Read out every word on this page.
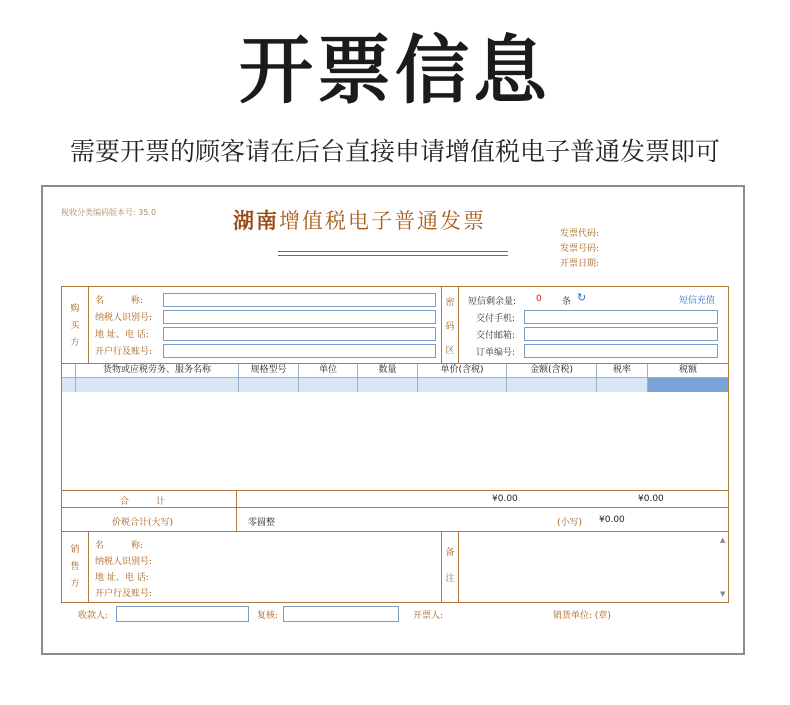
开票信息
需要开票的顾客请在后台直接申请增值税电子普通发票即可
税收分类编码版本号: 35.0	湖南增值税电子普通发票
发票代码:
发票号码:
开票日期:
购买方
名　　　称:
纳税人识别号:
地 址、电 话:
开户行及账号:
密码区
短信剩余量: 0 条 ↻	短信充值
交付手机:
交付邮箱:
订单编号:
货物或应税劳务、服务名称	规格型号	单位	数量	单价(含税)	金额(含税)	税率	税额
合　　　计	¥0.00	¥0.00
价税合计(大写)	零圆整	(小写) ¥0.00
销售方
名　　　称:
纳税人识别号:
地 址、电 话:
开户行及账号:
备注
▲
▼
收款人:	复核:	开票人:	销货单位: (章)
